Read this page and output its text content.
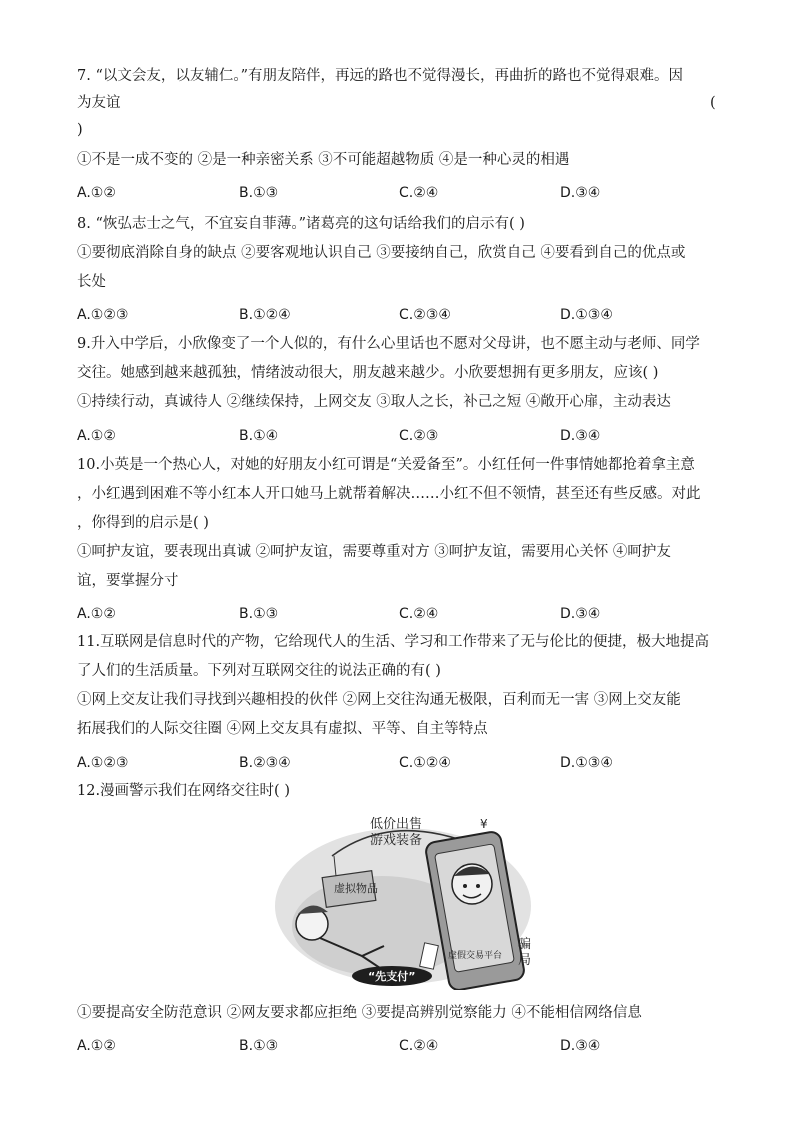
7. “以文会友，以友辅仁。”有朋友陪伴，再远的路也不觉得漫长，再曲折的路也不觉得艰难。因
为友谊	(
)
①不是一成不变的 ②是一种亲密关系 ③不可能超越物质 ④是一种心灵的相遇
A.①②	B.①③	C.②④	D.③④
8. “恢弘志士之气，不宜妄自菲薄。”诸葛亮的这句话给我们的启示有( )
①要彻底消除自身的缺点 ②要客观地认识自己 ③要接纳自己，欣赏自己 ④要看到自己的优点或
长处
A.①②③	B.①②④	C.②③④	D.①③④
9.升入中学后，小欣像变了一个人似的，有什么心里话也不愿对父母讲，也不愿主动与老师、同学
交往。她感到越来越孤独，情绪波动很大，朋友越来越少。小欣要想拥有更多朋友，应该( )
①持续行动，真诚待人 ②继续保持，上网交友 ③取人之长，补己之短 ④敞开心扉，主动表达
A.①②	B.①④	C.②③	D.③④
10.小英是一个热心人，对她的好朋友小红可谓是“关爱备至”。小红任何一件事情她都抢着拿主意
，小红遇到困难不等小红本人开口她马上就帮着解决……小红不但不领情，甚至还有些反感。对此
，你得到的启示是( )
①呵护友谊，要表现出真诚 ②呵护友谊，需要尊重对方 ③呵护友谊，需要用心关怀 ④呵护友
谊，要掌握分寸
A.①②	B.①③	C.②④	D.③④
11.互联网是信息时代的产物，它给现代人的生活、学习和工作带来了无与伦比的便捷，极大地提高
了人们的生活质量。下列对互联网交往的说法正确的有( )
①网上交友让我们寻找到兴趣相投的伙伴 ②网上交往沟通无极限，百利而无一害 ③网上交友能
拓展我们的人际交往圈 ④网上交友具有虚拟、平等、自主等特点
A.①②③	B.②③④	C.①②④	D.①③④
12.漫画警示我们在网络交往时( )
低价出售
游戏装备
虚拟物品
虚假交易平台
骗
局
“先支付”
¥
①要提高安全防范意识 ②网友要求都应拒绝 ③要提高辨别觉察能力 ④不能相信网络信息
A.①②	B.①③	C.②④	D.③④
